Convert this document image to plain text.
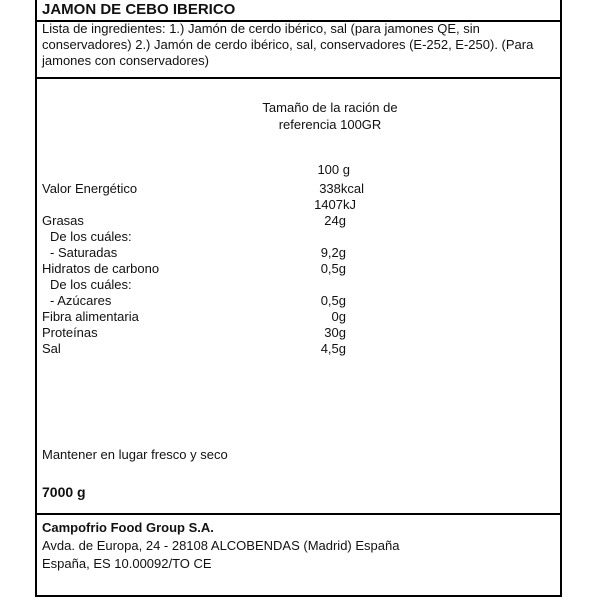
JAMON DE CEBO IBERICO
Lista de ingredientes: 1.) Jamón de cerdo ibérico, sal (para jamones QE, sin conservadores) 2.) Jamón de cerdo ibérico, sal, conservadores (E-252, E-250). (Para jamones con conservadores)
Tamaño de la ración de
referencia 100GR
100 g
Valor Energético	338kcal
1407kJ
Grasas	24g
De los cuáles:
- Saturadas	9,2g
Hidratos de carbono	0,5g
De los cuáles:
- Azúcares	0,5g
Fibra alimentaria	0g
Proteínas	30g
Sal	4,5g
Mantener en lugar fresco y seco
7000 g
Campofrio Food Group S.A.
Avda. de Europa, 24 - 28108 ALCOBENDAS (Madrid) España
España, ES 10.00092/TO CE
